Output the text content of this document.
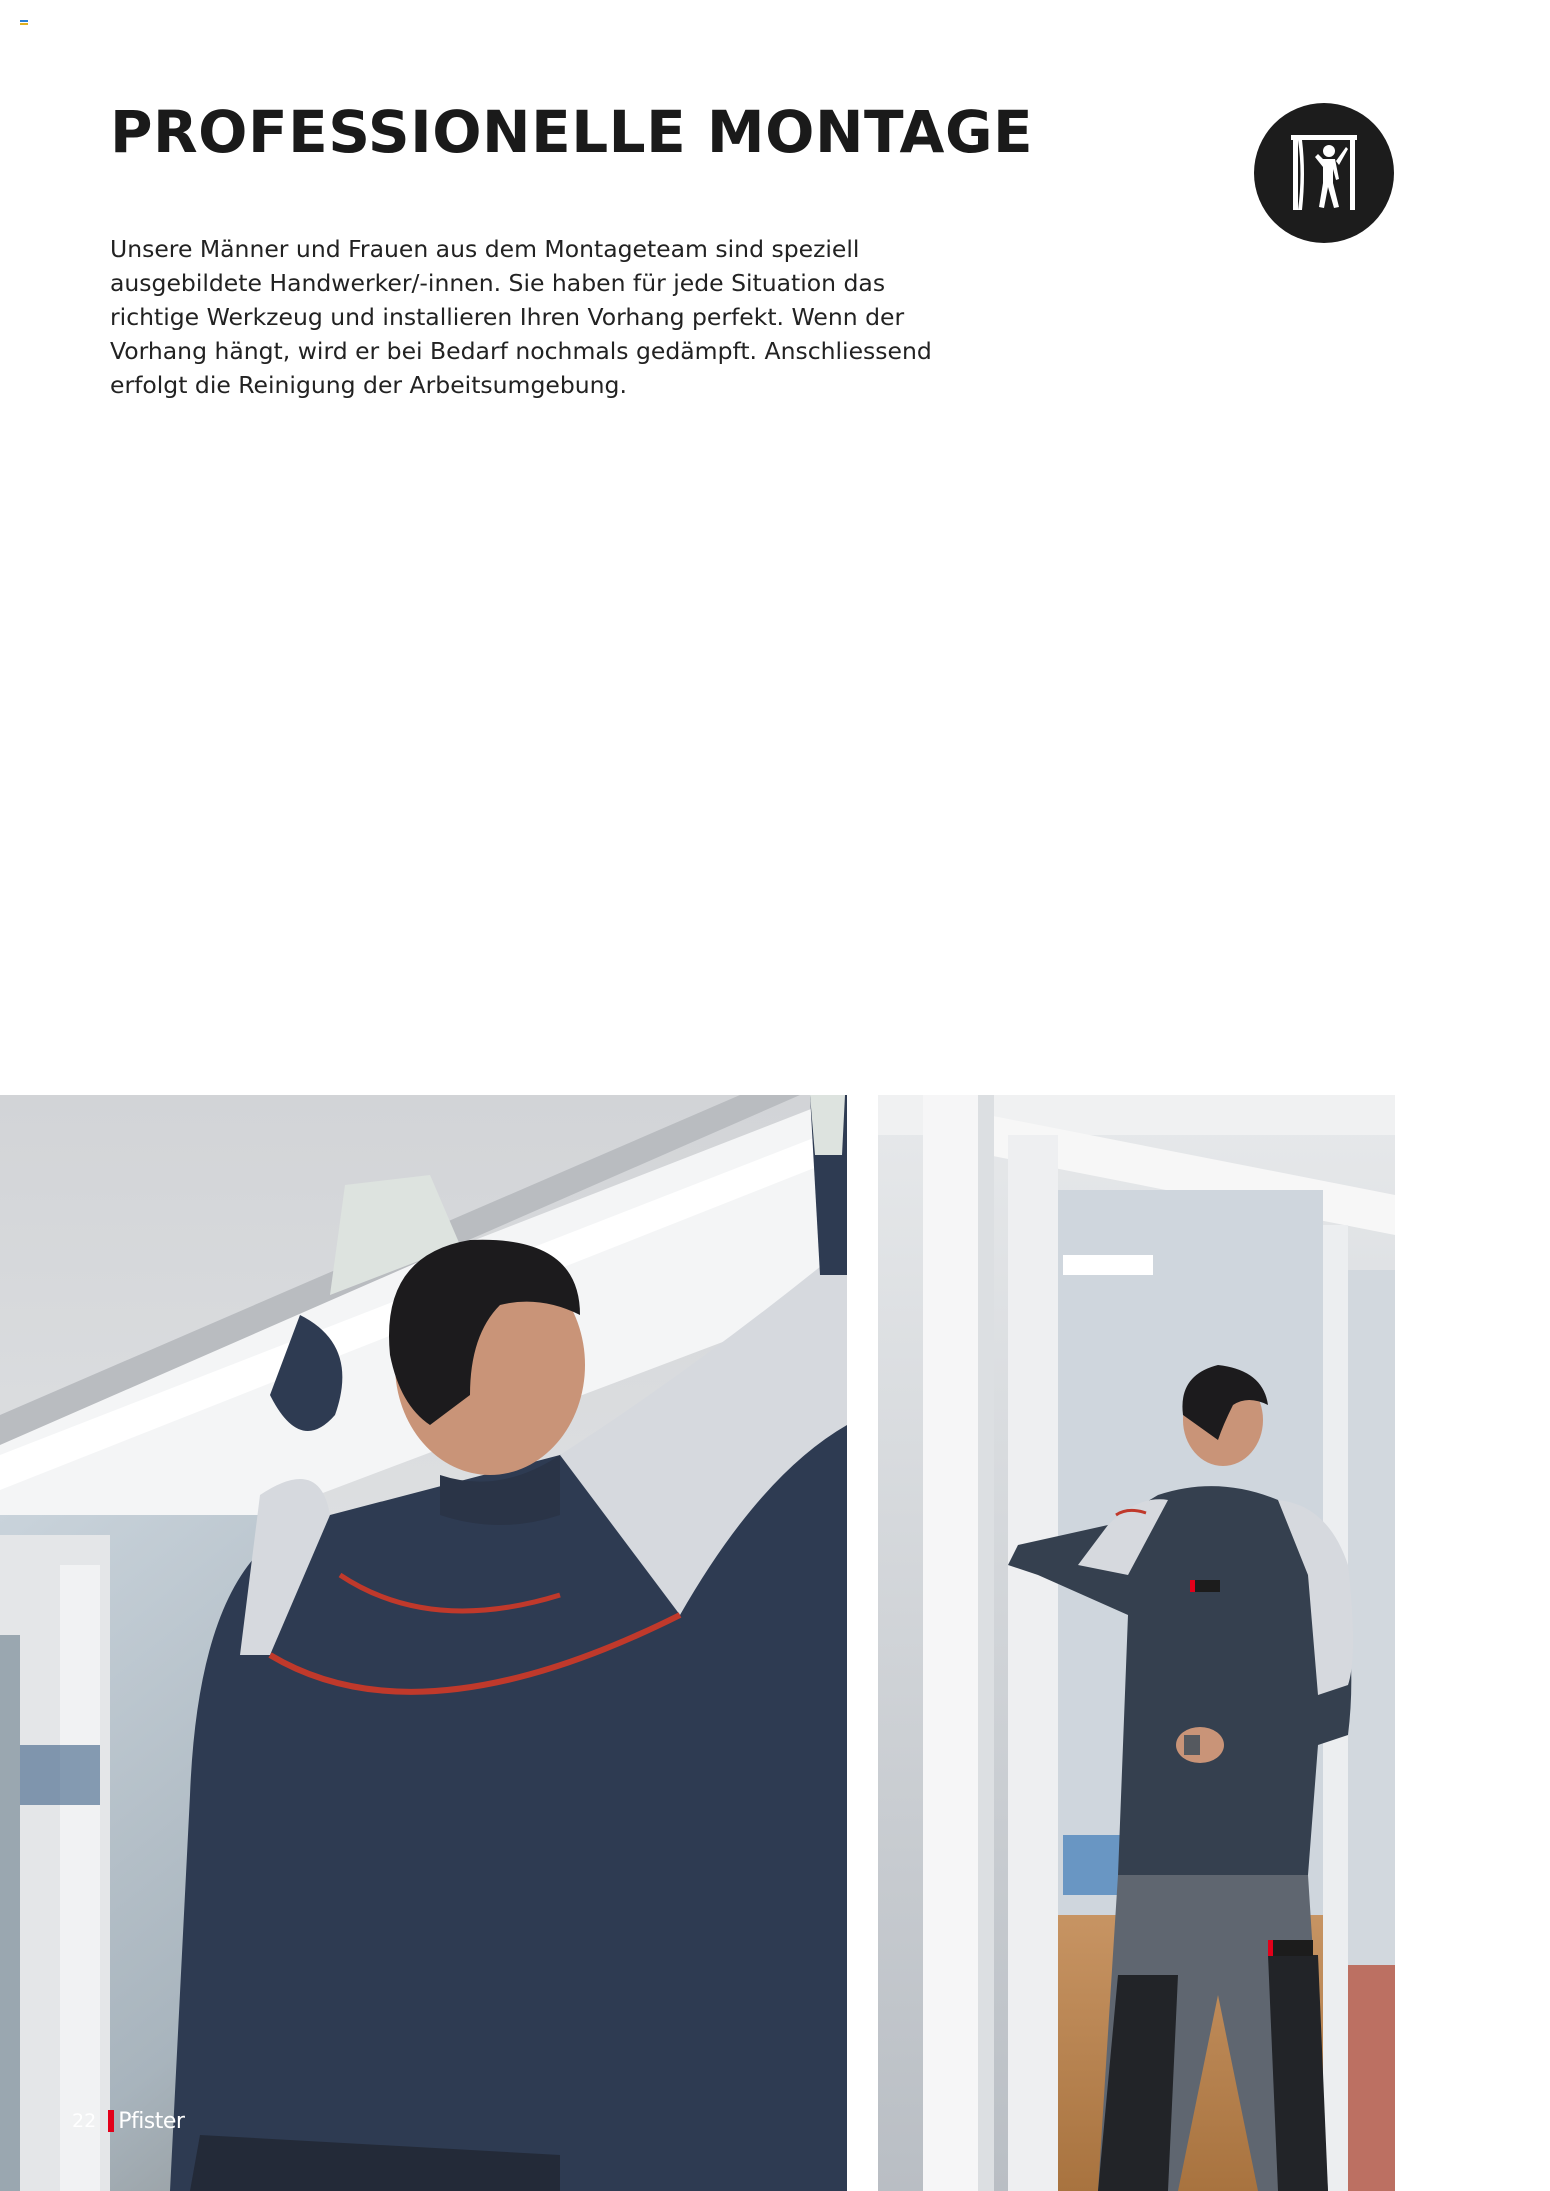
PROFESSIONELLE MONTAGE

Unsere Männer und Frauen aus dem Montageteam sind speziell ausgebildete Handwerker/-innen. Sie haben für jede Situation das richtige Werkzeug und installieren Ihren Vorhang perfekt. Wenn der Vorhang hängt, wird er bei Bedarf nochmals gedämpft. Anschliessend erfolgt die Reinigung der Arbeitsumgebung.

22 Pfister
